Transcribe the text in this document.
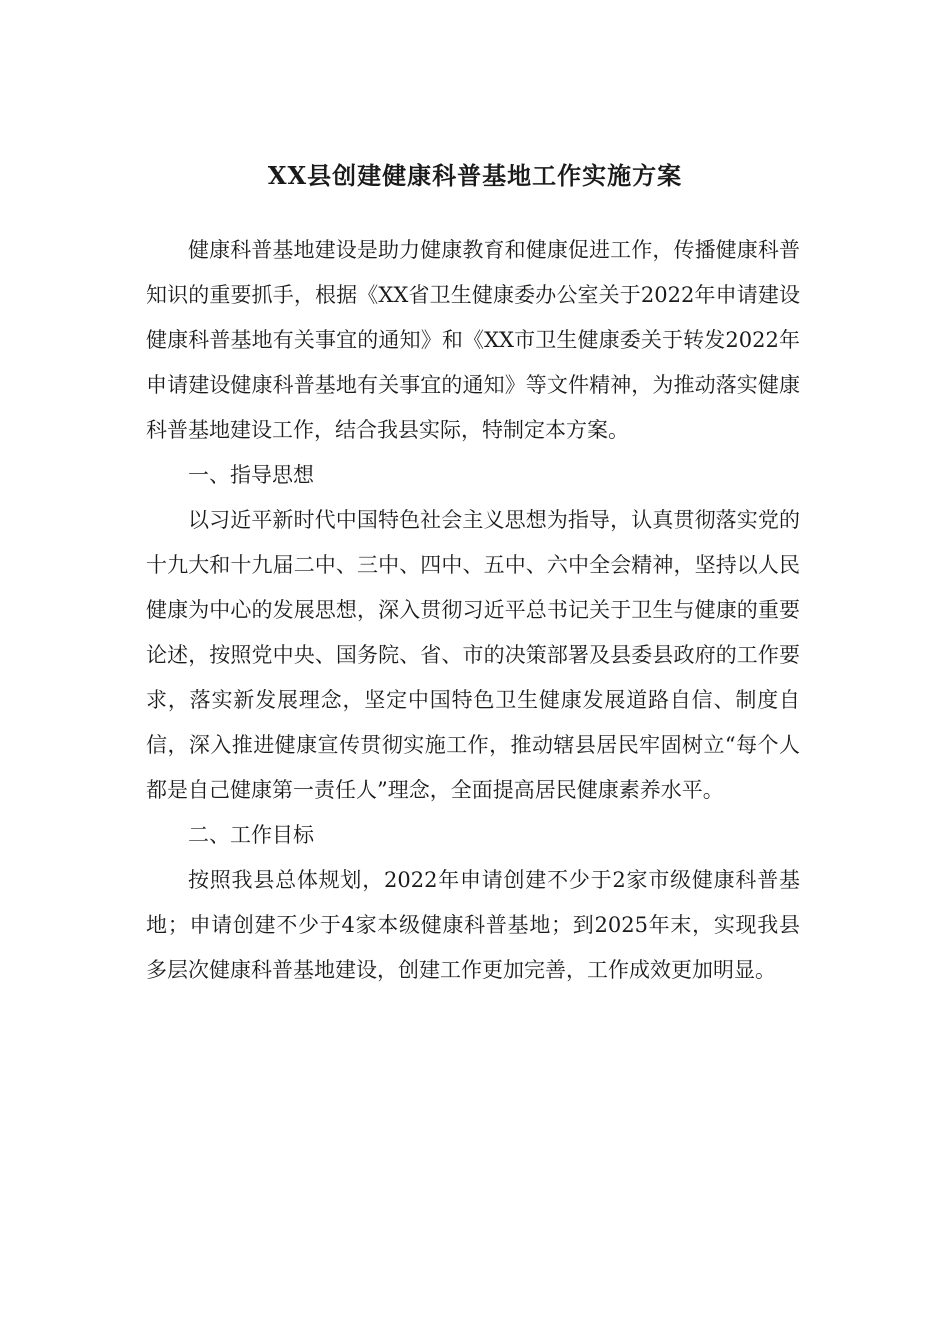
XX县创建健康科普基地工作实施方案

健康科普基地建设是助力健康教育和健康促进工作，传播健康科普知识的重要抓手，根据《XX省卫生健康委办公室关于2022年申请建设健康科普基地有关事宜的通知》和《XX市卫生健康委关于转发2022年申请建设健康科普基地有关事宜的通知》等文件精神，为推动落实健康科普基地建设工作，结合我县实际，特制定本方案。

一、指导思想

以习近平新时代中国特色社会主义思想为指导，认真贯彻落实党的十九大和十九届二中、三中、四中、五中、六中全会精神，坚持以人民健康为中心的发展思想，深入贯彻习近平总书记关于卫生与健康的重要论述，按照党中央、国务院、省、市的决策部署及县委县政府的工作要求，落实新发展理念，坚定中国特色卫生健康发展道路自信、制度自信，深入推进健康宣传贯彻实施工作，推动辖县居民牢固树立“每个人都是自己健康第一责任人”理念，全面提高居民健康素养水平。

二、工作目标

按照我县总体规划，2022年申请创建不少于2家市级健康科普基地；申请创建不少于4家本级健康科普基地；到2025年末，实现我县多层次健康科普基地建设，创建工作更加完善，工作成效更加明显。
